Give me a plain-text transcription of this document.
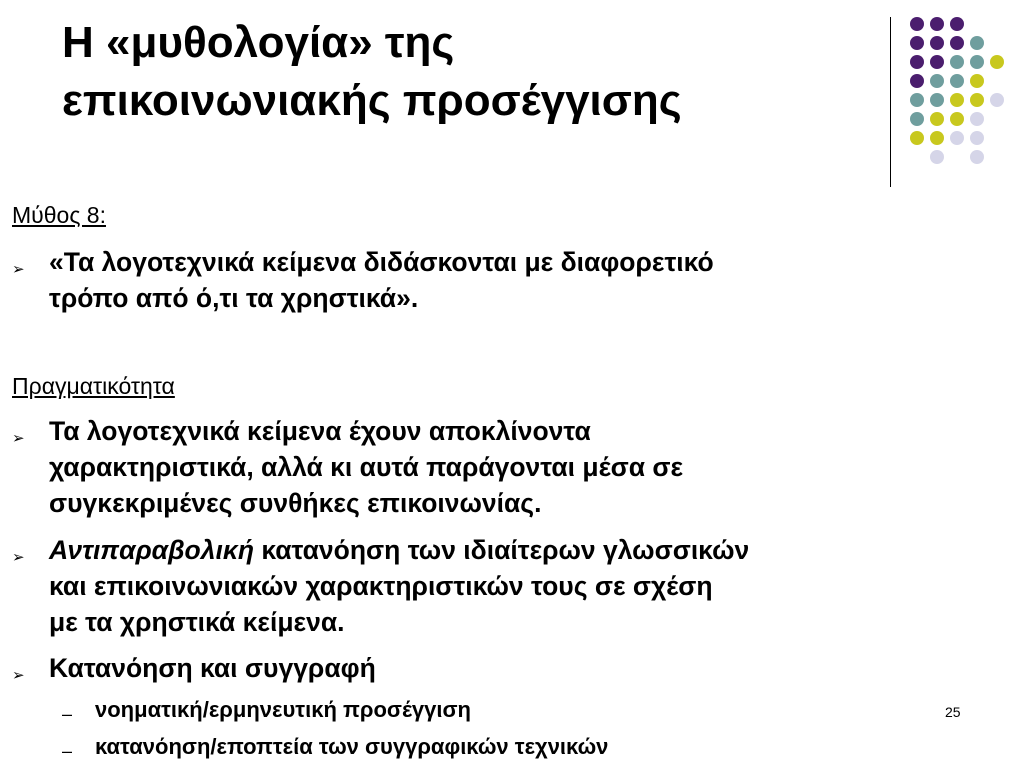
Η «μυθολογία» της
επικοινωνιακής προσέγγισης
Μύθος 8:
➢ «Τα λογοτεχνικά κείμενα διδάσκονται με διαφορετικό
τρόπο από ό,τι τα χρηστικά».
Πραγματικότητα
➢ Τα λογοτεχνικά κείμενα έχουν αποκλίνοντα
χαρακτηριστικά, αλλά κι αυτά παράγονται μέσα σε
συγκεκριμένες συνθήκες επικοινωνίας.
➢ Αντιπαραβολική κατανόηση των ιδιαίτερων γλωσσικών
και επικοινωνιακών χαρακτηριστικών τους σε σχέση
με τα χρηστικά κείμενα.
➢ Κατανόηση και συγγραφή
– νοηματική/ερμηνευτική προσέγγιση
– κατανόηση/εποπτεία των συγγραφικών τεχνικών
25
